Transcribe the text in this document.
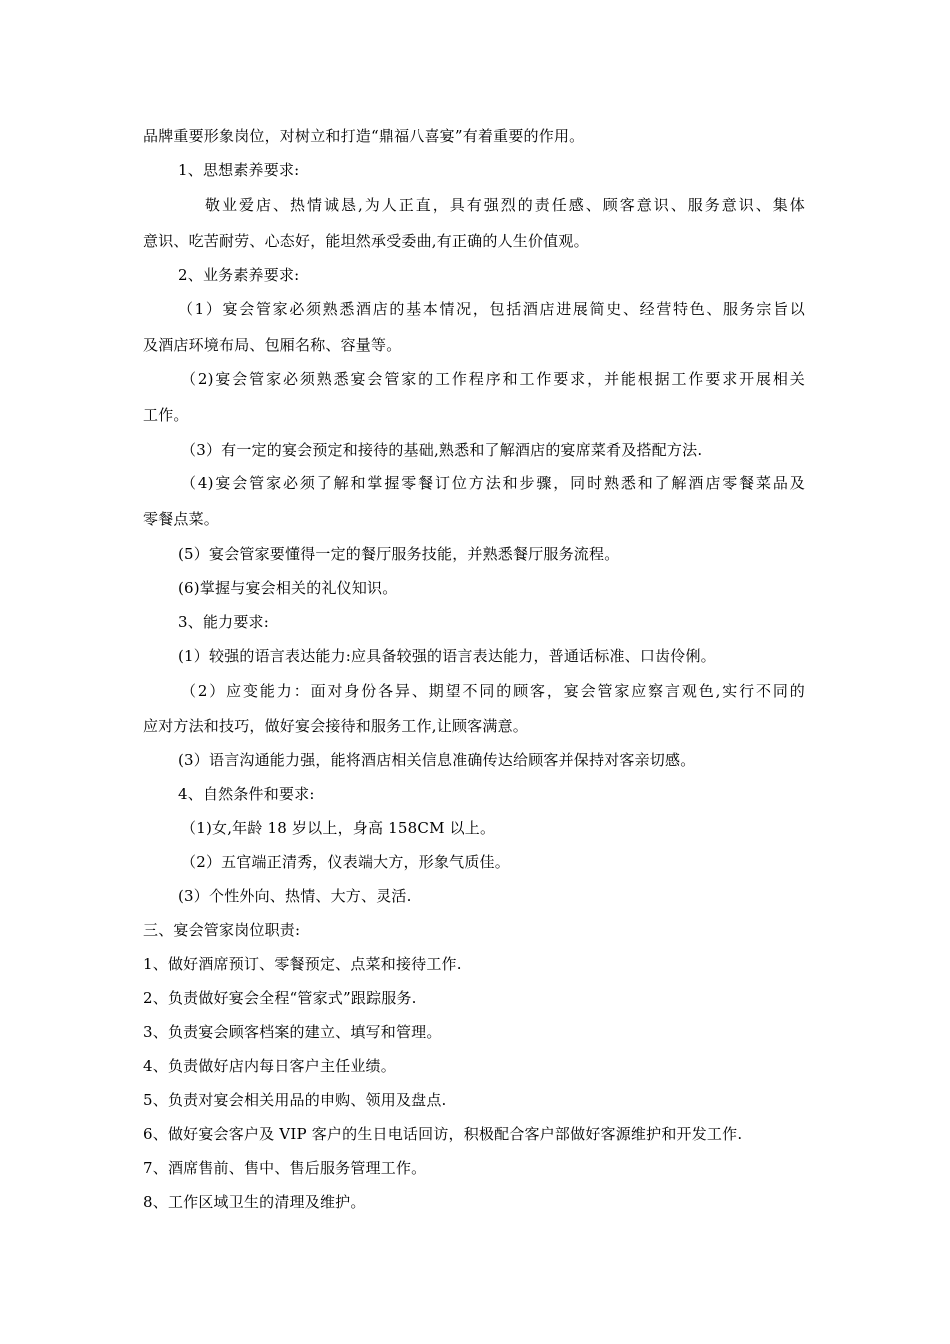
品牌重要形象岗位，对树立和打造“鼎福八喜宴”有着重要的作用。
1、思想素养要求:
敬业爱店、热情诚恳,为人正直，具有强烈的责任感、顾客意识、服务意识、集体
意识、吃苦耐劳、心态好，能坦然承受委曲,有正确的人生价值观。
2、业务素养要求:
（1）宴会管家必须熟悉酒店的基本情况，包括酒店进展简史、经营特色、服务宗旨以
及酒店环境布局、包厢名称、容量等。
（2)宴会管家必须熟悉宴会管家的工作程序和工作要求，并能根据工作要求开展相关
工作。
（3）有一定的宴会预定和接待的基础,熟悉和了解酒店的宴席菜肴及搭配方法.
（4)宴会管家必须了解和掌握零餐订位方法和步骤，同时熟悉和了解酒店零餐菜品及
零餐点菜。
(5）宴会管家要懂得一定的餐厅服务技能，并熟悉餐厅服务流程。
(6)掌握与宴会相关的礼仪知识。
3、能力要求:
(1）较强的语言表达能力:应具备较强的语言表达能力，普通话标准、口齿伶俐。
（2）应变能力：面对身份各异、期望不同的顾客，宴会管家应察言观色,实行不同的
应对方法和技巧，做好宴会接待和服务工作,让顾客满意。
(3）语言沟通能力强，能将酒店相关信息准确传达给顾客并保持对客亲切感。
4、自然条件和要求:
（1)女,年龄 18 岁以上，身高 158CM 以上。
（2）五官端正清秀，仪表端大方，形象气质佳。
(3）个性外向、热情、大方、灵活.
三、宴会管家岗位职责:
1、做好酒席预订、零餐预定、点菜和接待工作.
2、负责做好宴会全程“管家式”跟踪服务.
3、负责宴会顾客档案的建立、填写和管理。
4、负责做好店内每日客户主任业绩。
5、负责对宴会相关用品的申购、领用及盘点.
6、做好宴会客户及 VIP 客户的生日电话回访，积极配合客户部做好客源维护和开发工作.
7、酒席售前、售中、售后服务管理工作。
8、工作区域卫生的清理及维护。
